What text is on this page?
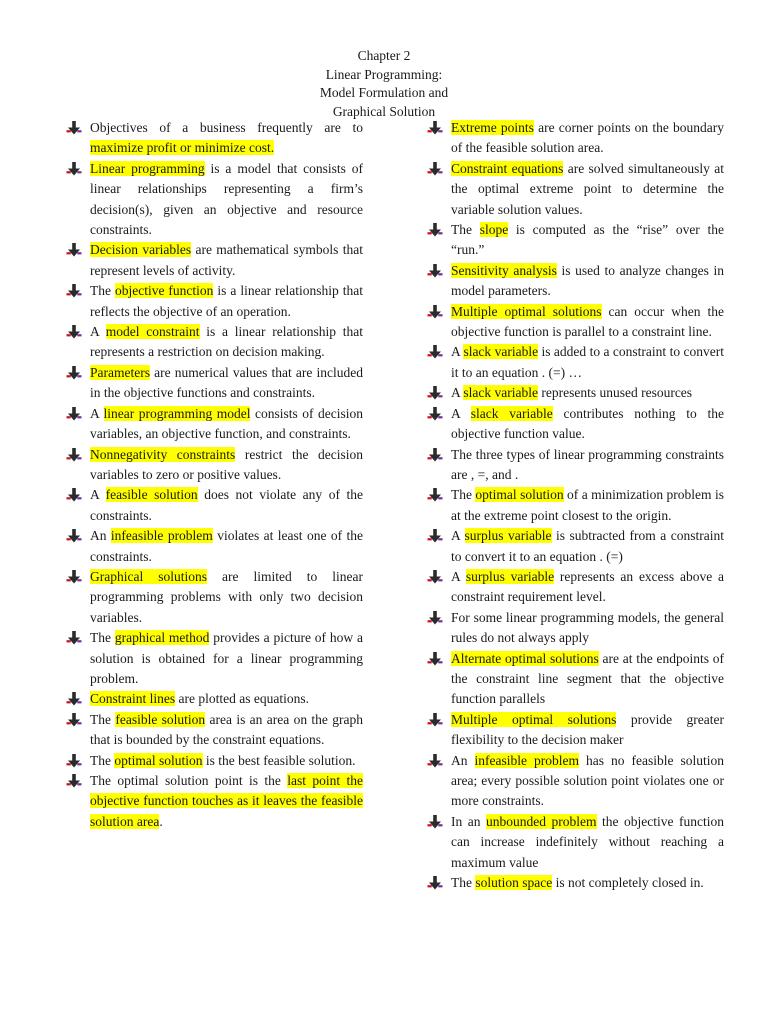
Chapter 2
Linear Programming:
Model Formulation and
Graphical Solution
Objectives of a business frequently are to maximize profit or minimize cost.
Linear programming is a model that consists of linear relationships representing a firm’s decision(s), given an objective and resource constraints.
Decision variables are mathematical symbols that represent levels of activity.
The objective function is a linear relationship that reflects the objective of an operation.
A model constraint is a linear relationship that represents a restriction on decision making.
Parameters are numerical values that are included in the objective functions and constraints.
A linear programming model consists of decision variables, an objective function, and constraints.
Nonnegativity constraints restrict the decision variables to zero or positive values.
A feasible solution does not violate any of the constraints.
An infeasible problem violates at least one of the constraints.
Graphical solutions are limited to linear programming problems with only two decision variables.
The graphical method provides a picture of how a solution is obtained for a linear programming problem.
Constraint lines are plotted as equations.
The feasible solution area is an area on the graph that is bounded by the constraint equations.
The optimal solution is the best feasible solution.
The optimal solution point is the last point the objective function touches as it leaves the feasible solution area.
Extreme points are corner points on the boundary of the feasible solution area.
Constraint equations are solved simultaneously at the optimal extreme point to determine the variable solution values.
The slope is computed as the “rise” over the “run.”
Sensitivity analysis is used to analyze changes in model parameters.
Multiple optimal solutions can occur when the objective function is parallel to a constraint line.
A slack variable is added to a constraint to convert it to an equation . (=) …
A slack variable represents unused resources
A slack variable contributes nothing to the objective function value.
The three types of linear programming constraints are , =, and .
The optimal solution of a minimization problem is at the extreme point closest to the origin.
A surplus variable is subtracted from a constraint to convert it to an equation . (=)
A surplus variable represents an excess above a constraint requirement level.
For some linear programming models, the general rules do not always apply
Alternate optimal solutions are at the endpoints of the constraint line segment that the objective function parallels
Multiple optimal solutions provide greater flexibility to the decision maker
An infeasible problem has no feasible solution area; every possible solution point violates one or more constraints.
In an unbounded problem the objective function can increase indefinitely without reaching a maximum value
The solution space is not completely closed in.
